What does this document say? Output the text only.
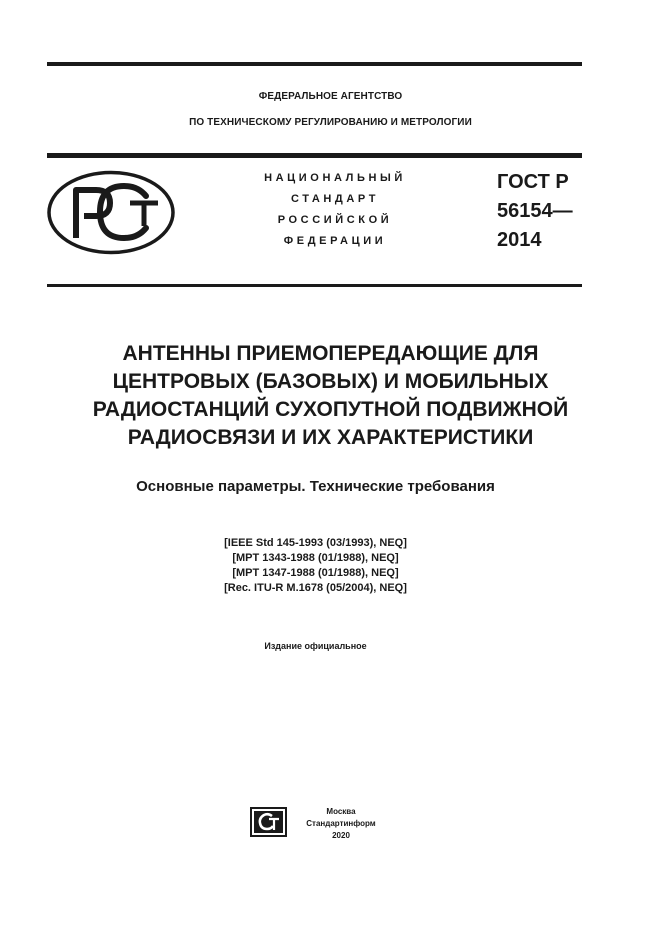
ФЕДЕРАЛЬНОЕ АГЕНТСТВО
ПО ТЕХНИЧЕСКОМУ РЕГУЛИРОВАНИЮ И МЕТРОЛОГИИ
НАЦИОНАЛЬНЫЙ
СТАНДАРТ
РОССИЙСКОЙ
ФЕДЕРАЦИИ
ГОСТ Р
56154—
2014
АНТЕННЫ ПРИЕМОПЕРЕДАЮЩИЕ ДЛЯ
ЦЕНТРОВЫХ (БАЗОВЫХ) И МОБИЛЬНЫХ
РАДИОСТАНЦИЙ СУХОПУТНОЙ ПОДВИЖНОЙ
РАДИОСВЯЗИ И ИХ ХАРАКТЕРИСТИКИ
Основные параметры. Технические требования
[IEEE Std 145-1993 (03/1993), NEQ]
[MPT 1343-1988 (01/1988), NEQ]
[MPT 1347-1988 (01/1988), NEQ]
[Rec. ITU-R M.1678 (05/2004), NEQ]
Издание официальное
Москва
Стандартинформ
2020
